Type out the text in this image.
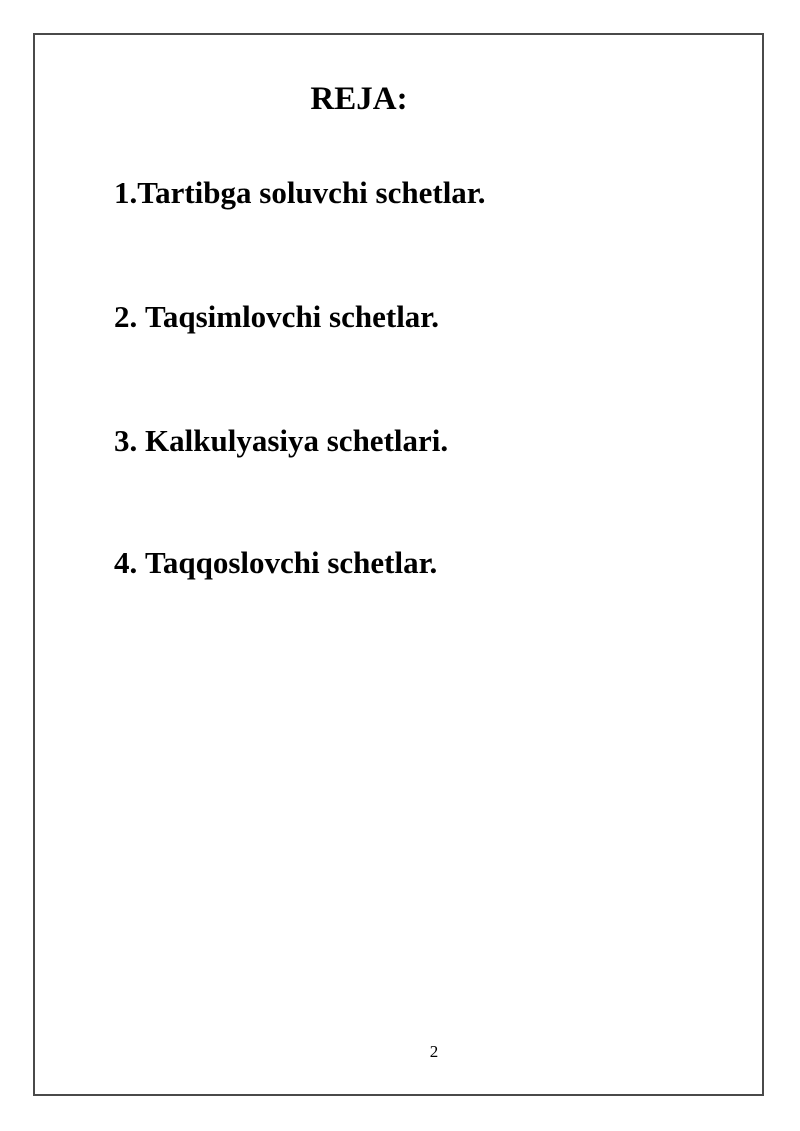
REJA:
1.Tartibga soluvchi schetlar.
2. Taqsimlovchi schetlar.
3. Kalkulyasiya schetlari.
4. Taqqoslovchi schetlar.
2
